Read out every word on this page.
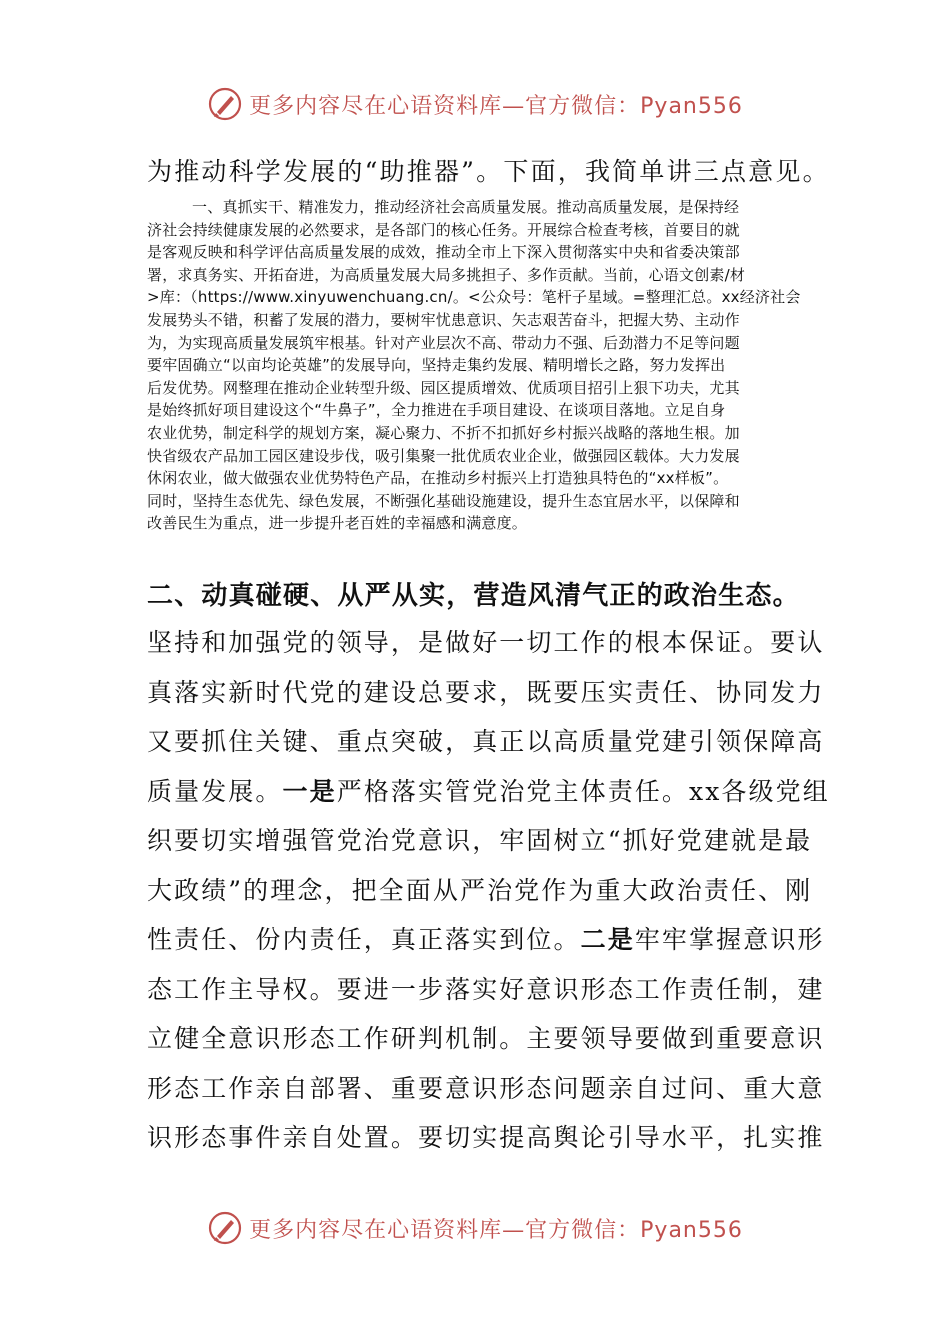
更多内容尽在心语资料库—官方微信：Pyan556
为推动科学发展的“助推器”。下面，我简单讲三点意见。
一、真抓实干、精准发力，推动经济社会高质量发展。推动高质量发展，是保持经
济社会持续健康发展的必然要求，是各部门的核心任务。开展综合检查考核，首要目的就
是客观反映和科学评估高质量发展的成效，推动全市上下深入贯彻落实中央和省委决策部
署，求真务实、开拓奋进，为高质量发展大局多挑担子、多作贡献。当前，心语文创素/材
>库：（https://www.xinyuwenchuang.cn/。<公众号：笔杆子星域。=整理汇总。xx经济社会
发展势头不错，积蓄了发展的潜力，要树牢忧患意识、矢志艰苦奋斗，把握大势、主动作
为，为实现高质量发展筑牢根基。针对产业层次不高、带动力不强、后劲潜力不足等问题
要牢固确立“以亩均论英雄”的发展导向，坚持走集约发展、精明增长之路，努力发挥出
后发优势。网整理在推动企业转型升级、园区提质增效、优质项目招引上狠下功夫，尤其
是始终抓好项目建设这个“牛鼻子”，全力推进在手项目建设、在谈项目落地。立足自身
农业优势，制定科学的规划方案，凝心聚力、不折不扣抓好乡村振兴战略的落地生根。加
快省级农产品加工园区建设步伐，吸引集聚一批优质农业企业，做强园区载体。大力发展
休闲农业，做大做强农业优势特色产品，在推动乡村振兴上打造独具特色的“xx样板”。
同时，坚持生态优先、绿色发展，不断强化基础设施建设，提升生态宜居水平，以保障和
改善民生为重点，进一步提升老百姓的幸福感和满意度。
二、动真碰硬、从严从实，营造风清气正的政治生态。
坚持和加强党的领导，是做好一切工作的根本保证。要认
真落实新时代党的建设总要求，既要压实责任、协同发力
又要抓住关键、重点突破，真正以高质量党建引领保障高
质量发展。一是严格落实管党治党主体责任。xx各级党组
织要切实增强管党治党意识，牢固树立“抓好党建就是最
大政绩”的理念，把全面从严治党作为重大政治责任、刚
性责任、份内责任，真正落实到位。二是牢牢掌握意识形
态工作主导权。要进一步落实好意识形态工作责任制，建
立健全意识形态工作研判机制。主要领导要做到重要意识
形态工作亲自部署、重要意识形态问题亲自过问、重大意
识形态事件亲自处置。要切实提高舆论引导水平，扎实推
更多内容尽在心语资料库—官方微信：Pyan556
